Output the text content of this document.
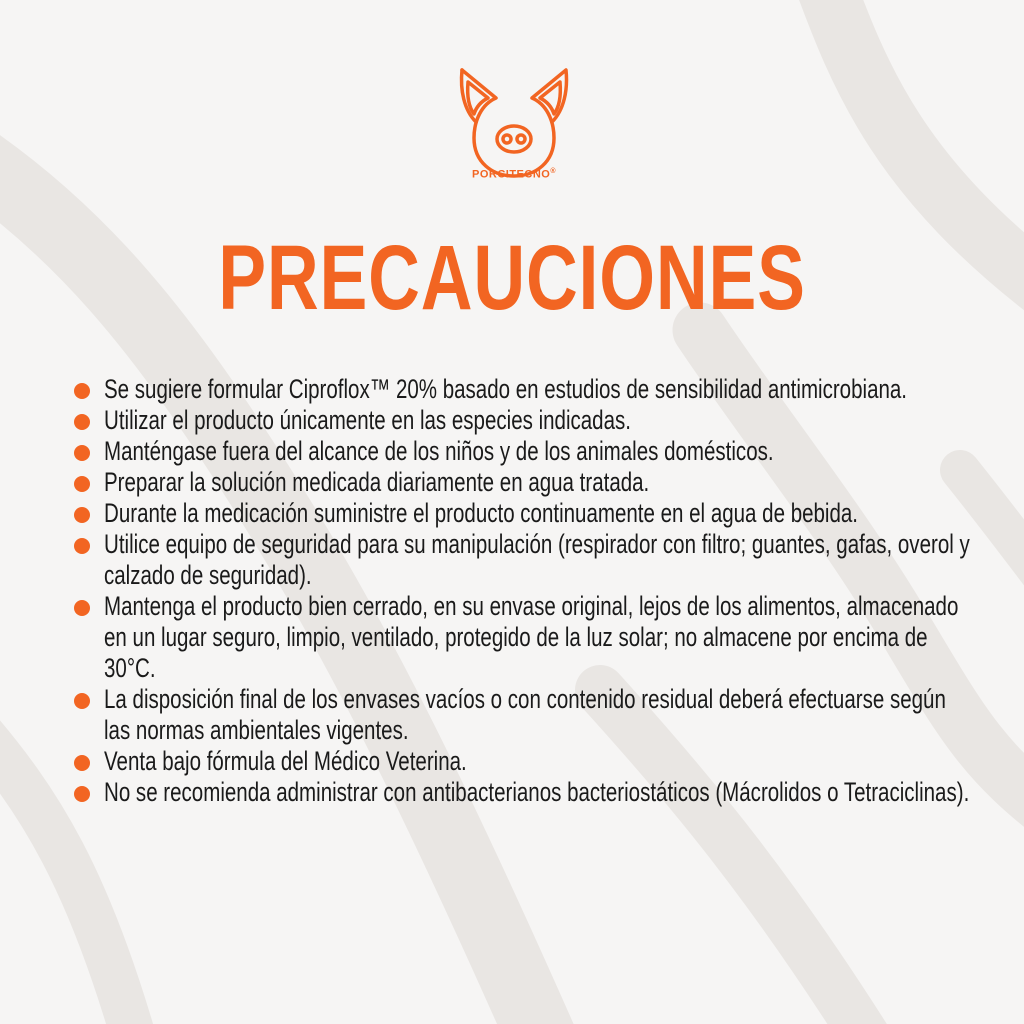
PORCITECNO®
PRECAUCIONES
Se sugiere formular Ciproflox™ 20% basado en estudios de sensibilidad antimicrobiana.
Utilizar el producto únicamente en las especies indicadas.
Manténgase fuera del alcance de los niños y de los animales domésticos.
Preparar la solución medicada diariamente en agua tratada.
Durante la medicación suministre el producto continuamente en el agua de bebida.
Utilice equipo de seguridad para su manipulación (respirador con filtro; guantes, gafas, overol y calzado de seguridad).
Mantenga el producto bien cerrado, en su envase original, lejos de los alimentos, almacenado en un lugar seguro, limpio, ventilado, protegido de la luz solar; no almacene por encima de 30°C.
La disposición final de los envases vacíos o con contenido residual deberá efectuarse según las normas ambientales vigentes.
Venta bajo fórmula del Médico Veterina.
No se recomienda administrar con antibacterianos bacteriostáticos (Mácrolidos o Tetraciclinas).
